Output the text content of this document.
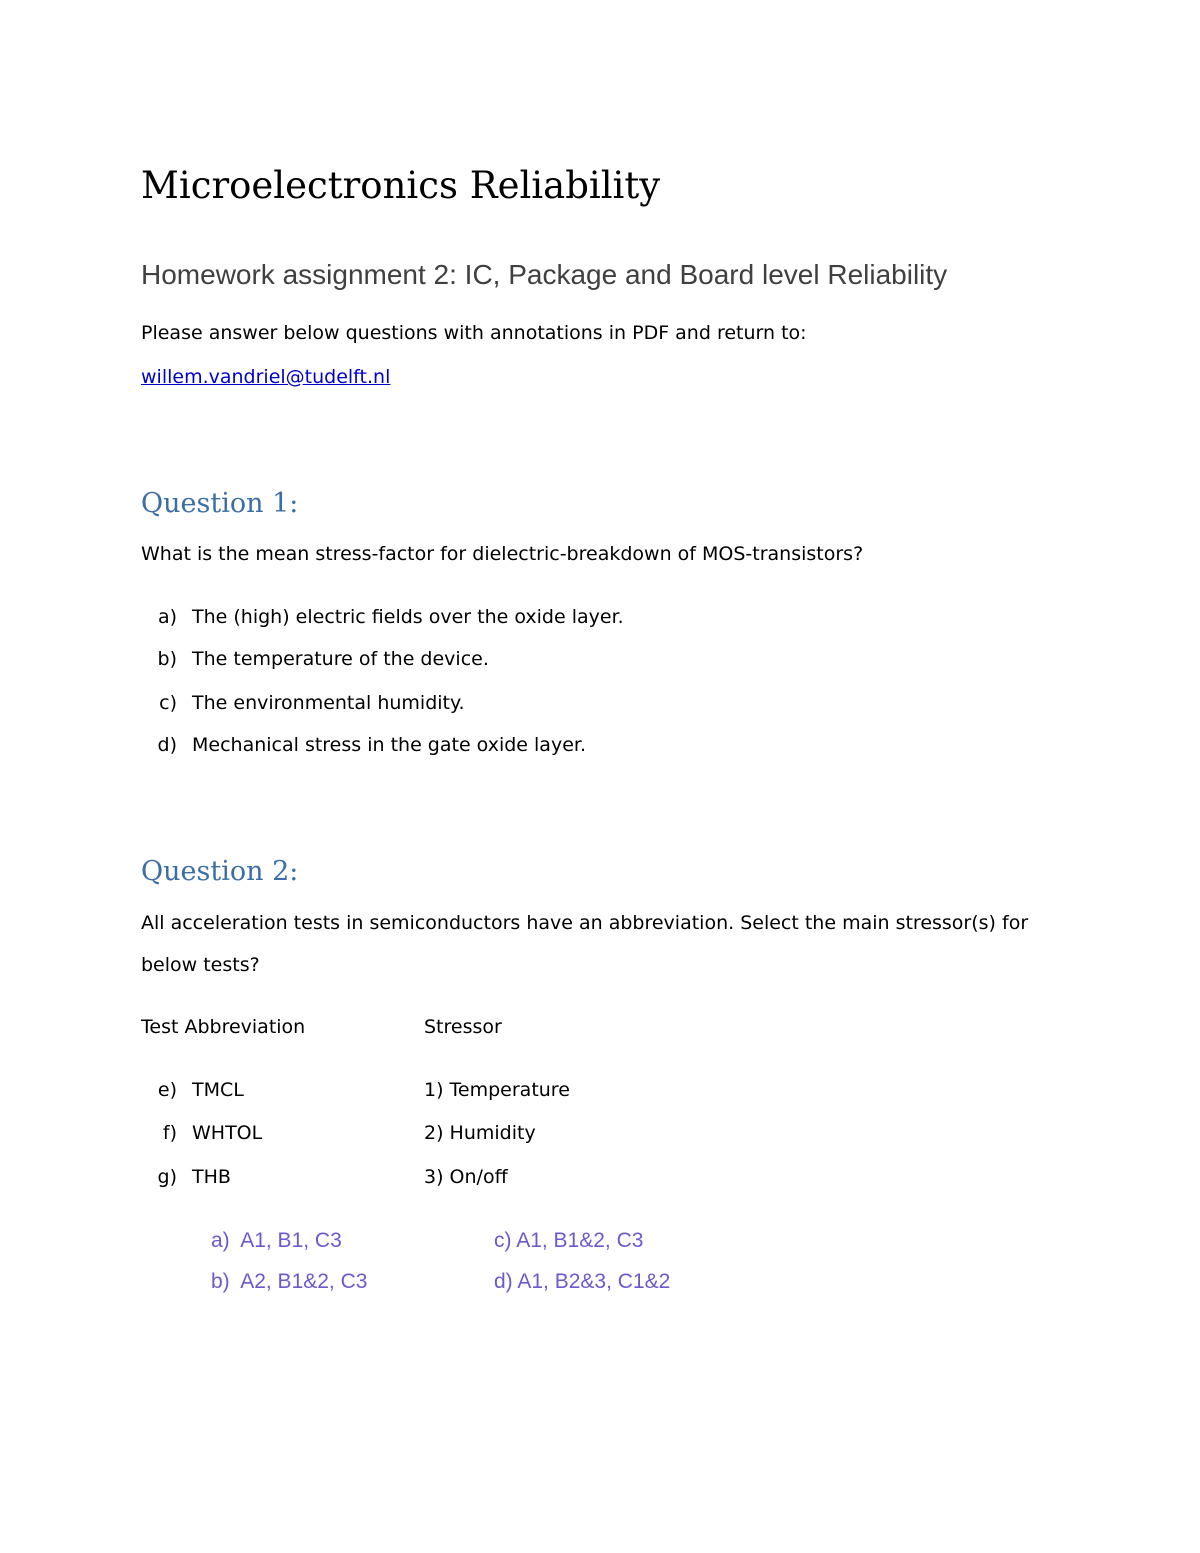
Microelectronics Reliability
Homework assignment 2: IC, Package and Board level Reliability
Please answer below questions with annotations in PDF and return to:
willem.vandriel@tudelft.nl
Question 1:
What is the mean stress-factor for dielectric-breakdown of MOS-transistors?
a) The (high) electric fields over the oxide layer.
b) The temperature of the device.
c) The environmental humidity.
d) Mechanical stress in the gate oxide layer.
Question 2:
All acceleration tests in semiconductors have an abbreviation. Select the main stressor(s) for
below tests?
Test Abbreviation	Stressor
e) TMCL	1) Temperature
f) WHTOL	2) Humidity
g) THB	3) On/off
a) A1, B1, C3
b) A2, B1&2, C3
c) A1, B1&2, C3
d) A1, B2&3, C1&2
